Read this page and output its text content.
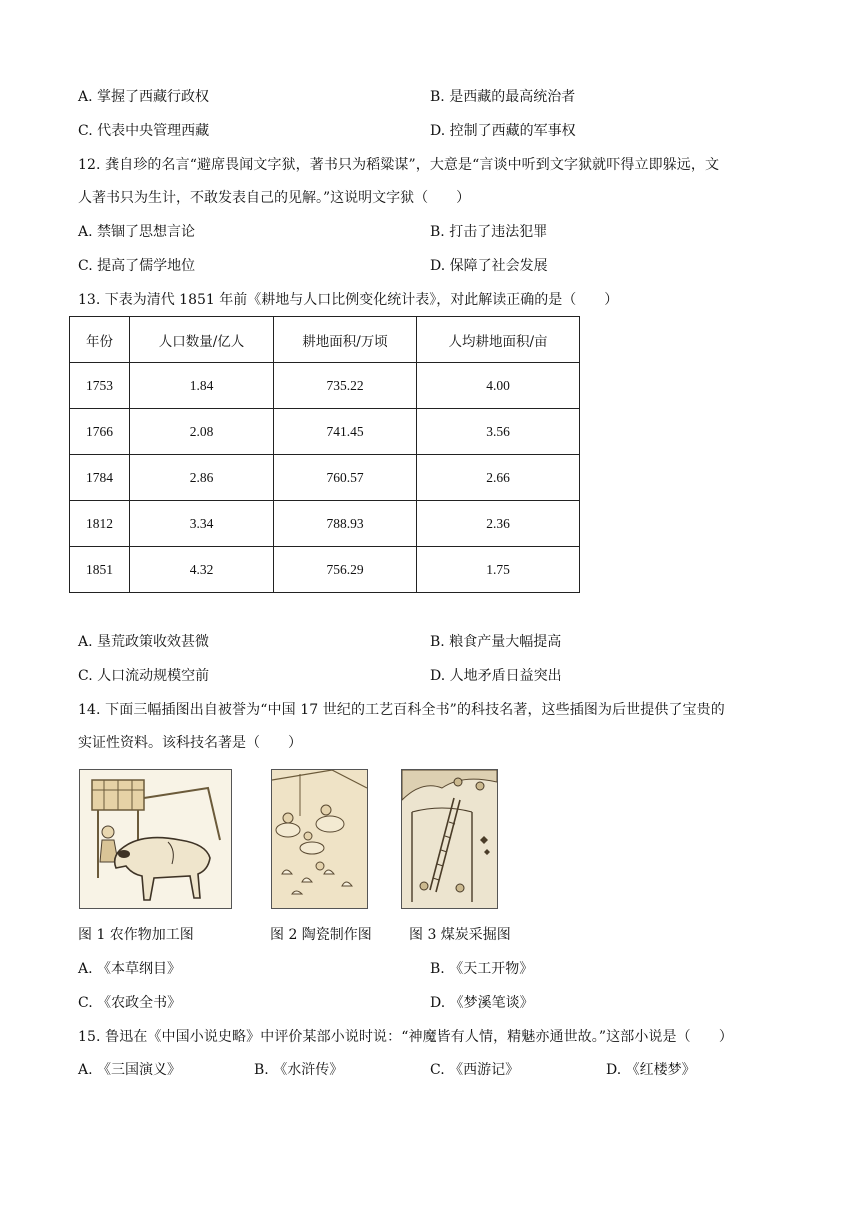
A. 掌握了西藏行政权	B. 是西藏的最高统治者
C. 代表中央管理西藏	D. 控制了西藏的军事权
12. 龚自珍的名言“避席畏闻文字狱，著书只为稻粱谋”，大意是“言谈中听到文字狱就吓得立即躲远，文
人著书只为生计，不敢发表自己的见解。”这说明文字狱（　　）
A. 禁锢了思想言论	B. 打击了违法犯罪
C. 提高了儒学地位	D. 保障了社会发展
13. 下表为清代 1851 年前《耕地与人口比例变化统计表》，对此解读正确的是（　　）
年份	人口数量/亿人	耕地面积/万顷	人均耕地面积/亩
1753	1.84	735.22	4.00
1766	2.08	741.45	3.56
1784	2.86	760.57	2.66
1812	3.34	788.93	2.36
1851	4.32	756.29	1.75
A. 垦荒政策收效甚微	B. 粮食产量大幅提高
C. 人口流动规模空前	D. 人地矛盾日益突出
14. 下面三幅插图出自被誉为“中国 17 世纪的工艺百科全书”的科技名著，这些插图为后世提供了宝贵的
实证性资料。该科技名著是（　　）
图 1 农作物加工图	图 2 陶瓷制作图	图 3 煤炭采掘图
A. 《本草纲目》	B. 《天工开物》
C. 《农政全书》	D. 《梦溪笔谈》
15. 鲁迅在《中国小说史略》中评价某部小说时说：“神魔皆有人情，精魅亦通世故。”这部小说是（　　）
A. 《三国演义》	B. 《水浒传》	C. 《西游记》	D. 《红楼梦》
